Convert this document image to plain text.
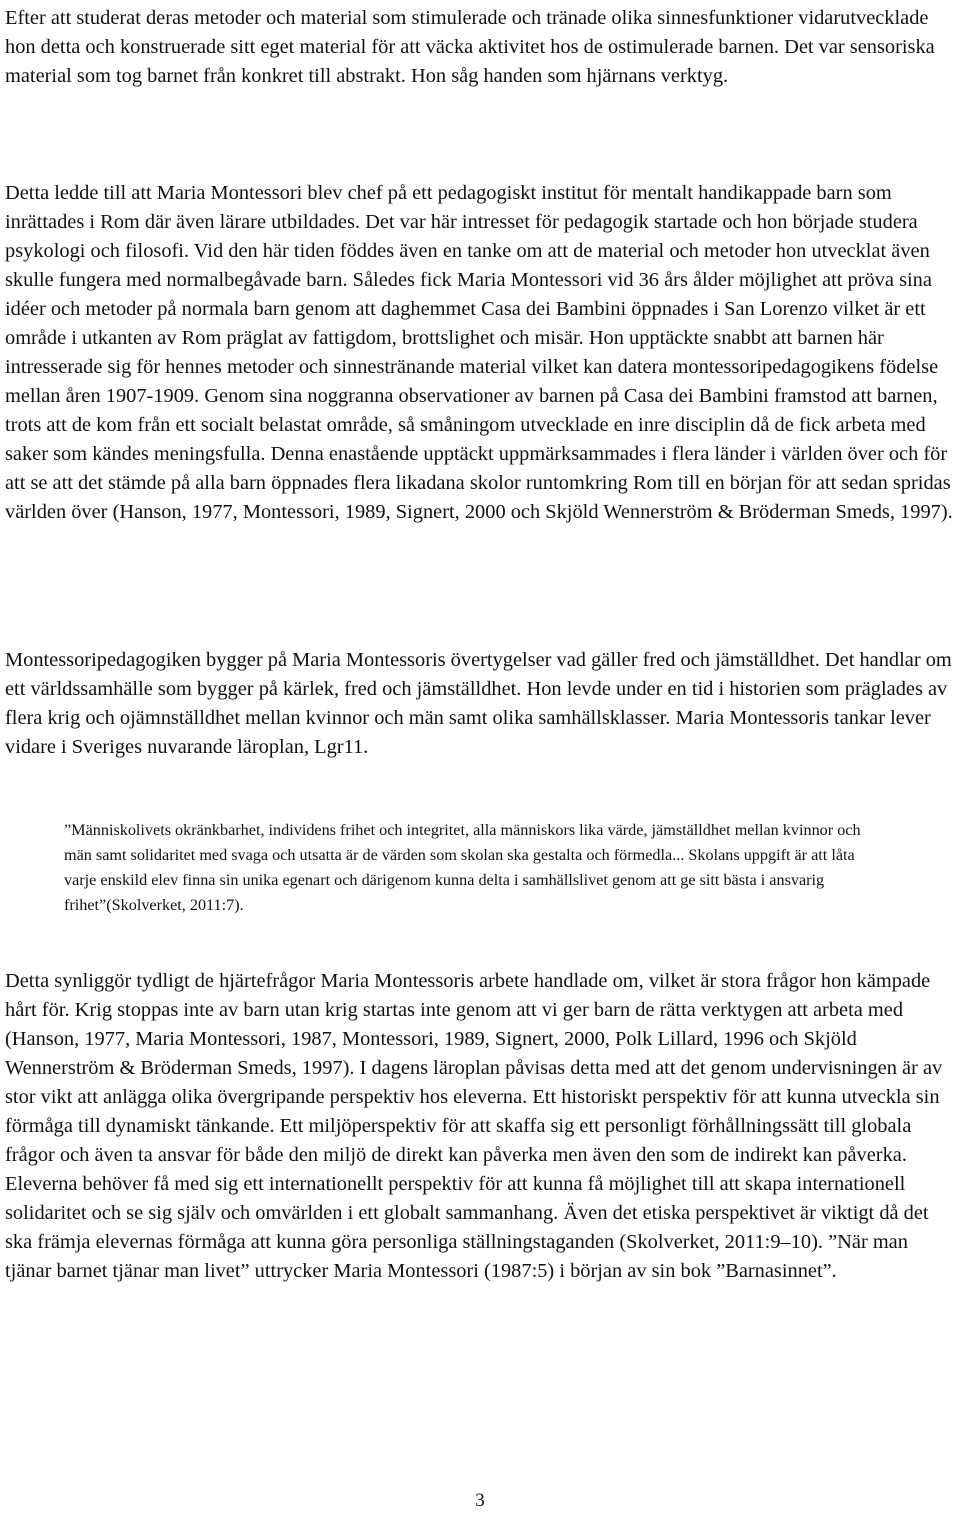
Efter att studerat deras metoder och material som stimulerade och tränade olika sinnesfunktioner vidarutvecklade hon detta och konstruerade sitt eget material för att väcka aktivitet hos de ostimulerade barnen. Det var sensoriska material som tog barnet från konkret till abstrakt. Hon såg handen som hjärnans verktyg.

Detta ledde till att Maria Montessori blev chef på ett pedagogiskt institut för mentalt handikappade barn som inrättades i Rom där även lärare utbildades. Det var här intresset för pedagogik startade och hon började studera psykologi och filosofi. Vid den här tiden föddes även en tanke om att de material och metoder hon utvecklat även skulle fungera med normalbegåvade barn. Således fick Maria Montessori vid 36 års ålder möjlighet att pröva sina idéer och metoder på normala barn genom att daghemmet Casa dei Bambini öppnades i San Lorenzo vilket är ett område i utkanten av Rom präglat av fattigdom, brottslighet och misär. Hon upptäckte snabbt att barnen här intresserade sig för hennes metoder och sinnestränande material vilket kan datera montessoripedagogikens födelse mellan åren 1907-1909. Genom sina noggranna observationer av barnen på Casa dei Bambini framstod att barnen, trots att de kom från ett socialt belastat område, så småningom utvecklade en inre disciplin då de fick arbeta med saker som kändes meningsfulla. Denna enastående upptäckt uppmärksammades i flera länder i världen över och för att se att det stämde på alla barn öppnades flera likadana skolor runtomkring Rom till en början för att sedan spridas världen över (Hanson, 1977, Montessori, 1989, Signert, 2000 och Skjöld Wennerström & Bröderman Smeds, 1997).

Montessoripedagogiken bygger på Maria Montessoris övertygelser vad gäller fred och jämställdhet. Det handlar om ett världssamhälle som bygger på kärlek, fred och jämställdhet. Hon levde under en tid i historien som präglades av flera krig och ojämnställdhet mellan kvinnor och män samt olika samhällsklasser. Maria Montessoris tankar lever vidare i Sveriges nuvarande läroplan, Lgr11.

”Människolivets okränkbarhet, individens frihet och integritet, alla människors lika värde, jämställdhet mellan kvinnor och män samt solidaritet med svaga och utsatta är de värden som skolan ska gestalta och förmedla... Skolans uppgift är att låta varje enskild elev finna sin unika egenart och därigenom kunna delta i samhällslivet genom att ge sitt bästa i ansvarig frihet”(Skolverket, 2011:7).

Detta synliggör tydligt de hjärtefrågor Maria Montessoris arbete handlade om, vilket är stora frågor hon kämpade hårt för. Krig stoppas inte av barn utan krig startas inte genom att vi ger barn de rätta verktygen att arbeta med (Hanson, 1977, Maria Montessori, 1987, Montessori, 1989, Signert, 2000, Polk Lillard, 1996 och Skjöld Wennerström & Bröderman Smeds, 1997). I dagens läroplan påvisas detta med att det genom undervisningen är av stor vikt att anlägga olika övergripande perspektiv hos eleverna. Ett historiskt perspektiv för att kunna utveckla sin förmåga till dynamiskt tänkande. Ett miljöperspektiv för att skaffa sig ett personligt förhållningssätt till globala frågor och även ta ansvar för både den miljö de direkt kan påverka men även den som de indirekt kan påverka. Eleverna behöver få med sig ett internationellt perspektiv för att kunna få möjlighet till att skapa internationell solidaritet och se sig själv och omvärlden i ett globalt sammanhang. Även det etiska perspektivet är viktigt då det ska främja elevernas förmåga att kunna göra personliga ställningstaganden (Skolverket, 2011:9–10). ”När man tjänar barnet tjänar man livet” uttrycker Maria Montessori (1987:5) i början av sin bok ”Barnasinnet”.

3
